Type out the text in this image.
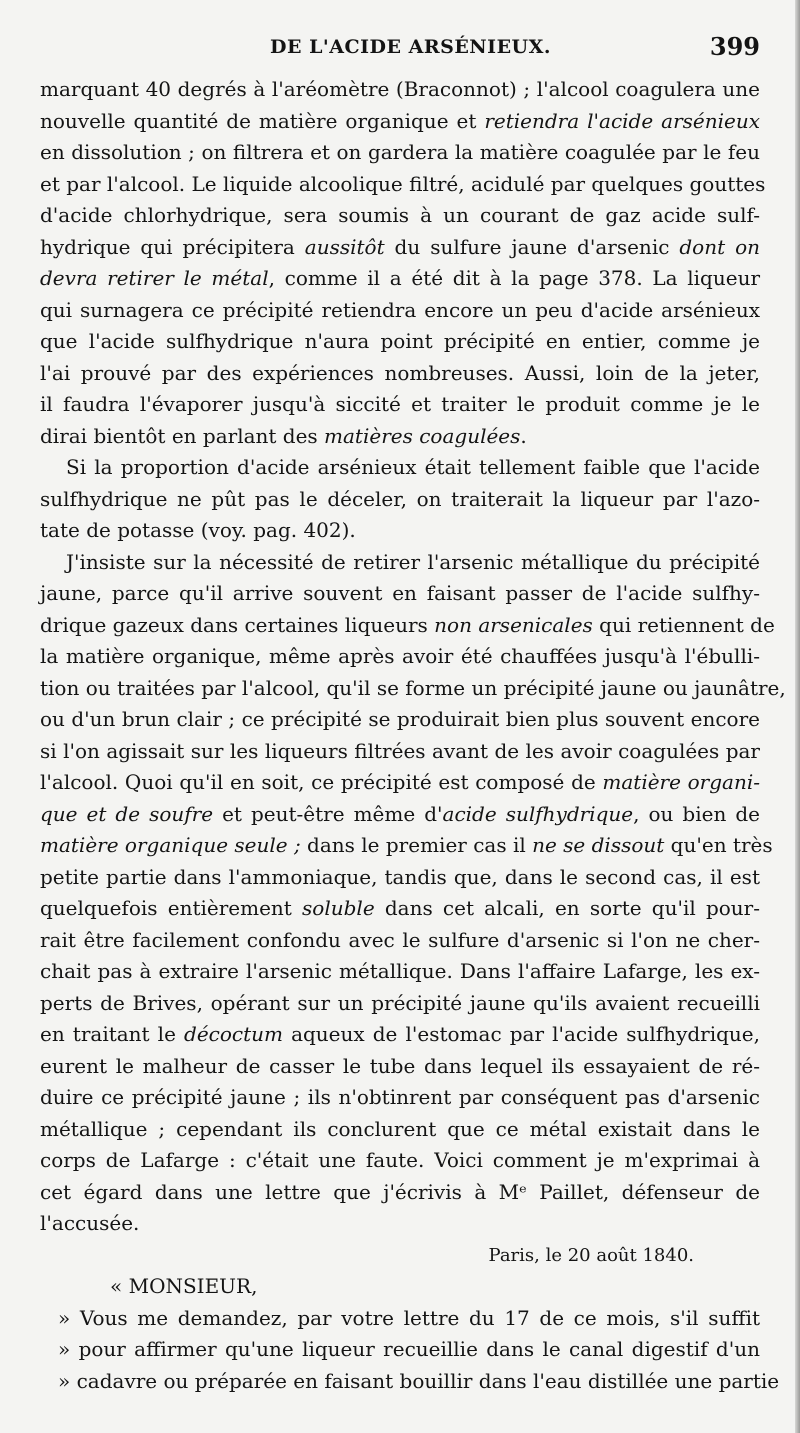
DE L'ACIDE ARSÉNIEUX.	399
marquant 40 degrés à l'aréomètre (Braconnot) ; l'alcool coagulera une
nouvelle quantité de matière organique et retiendra l'acide arsénieux
en dissolution ; on filtrera et on gardera la matière coagulée par le feu
et par l'alcool. Le liquide alcoolique filtré, acidulé par quelques gouttes
d'acide chlorhydrique, sera soumis à un courant de gaz acide sulf-
hydrique qui précipitera aussitôt du sulfure jaune d'arsenic dont on
devra retirer le métal, comme il a été dit à la page 378. La liqueur
qui surnagera ce précipité retiendra encore un peu d'acide arsénieux
que l'acide sulfhydrique n'aura point précipité en entier, comme je
l'ai prouvé par des expériences nombreuses. Aussi, loin de la jeter,
il faudra l'évaporer jusqu'à siccité et traiter le produit comme je le
dirai bientôt en parlant des matières coagulées.
Si la proportion d'acide arsénieux était tellement faible que l'acide
sulfhydrique ne pût pas le déceler, on traiterait la liqueur par l'azo-
tate de potasse (voy. pag. 402).
J'insiste sur la nécessité de retirer l'arsenic métallique du précipité
jaune, parce qu'il arrive souvent en faisant passer de l'acide sulfhy-
drique gazeux dans certaines liqueurs non arsenicales qui retiennent de
la matière organique, même après avoir été chauffées jusqu'à l'ébulli-
tion ou traitées par l'alcool, qu'il se forme un précipité jaune ou jaunâtre,
ou d'un brun clair ; ce précipité se produirait bien plus souvent encore
si l'on agissait sur les liqueurs filtrées avant de les avoir coagulées par
l'alcool. Quoi qu'il en soit, ce précipité est composé de matière organi-
que et de soufre et peut-être même d'acide sulfhydrique, ou bien de
matière organique seule ; dans le premier cas il ne se dissout qu'en très
petite partie dans l'ammoniaque, tandis que, dans le second cas, il est
quelquefois entièrement soluble dans cet alcali, en sorte qu'il pour-
rait être facilement confondu avec le sulfure d'arsenic si l'on ne cher-
chait pas à extraire l'arsenic métallique. Dans l'affaire Lafarge, les ex-
perts de Brives, opérant sur un précipité jaune qu'ils avaient recueilli
en traitant le décoctum aqueux de l'estomac par l'acide sulfhydrique,
eurent le malheur de casser le tube dans lequel ils essayaient de ré-
duire ce précipité jaune ; ils n'obtinrent par conséquent pas d'arsenic
métallique ; cependant ils conclurent que ce métal existait dans le
corps de Lafarge : c'était une faute. Voici comment je m'exprimai à
cet égard dans une lettre que j'écrivis à Mᵉ Paillet, défenseur de
l'accusée.
Paris, le 20 août 1840.
« MONSIEUR,
» Vous me demandez, par votre lettre du 17 de ce mois, s'il suffit
» pour affirmer qu'une liqueur recueillie dans le canal digestif d'un
» cadavre ou préparée en faisant bouillir dans l'eau distillée une partie
